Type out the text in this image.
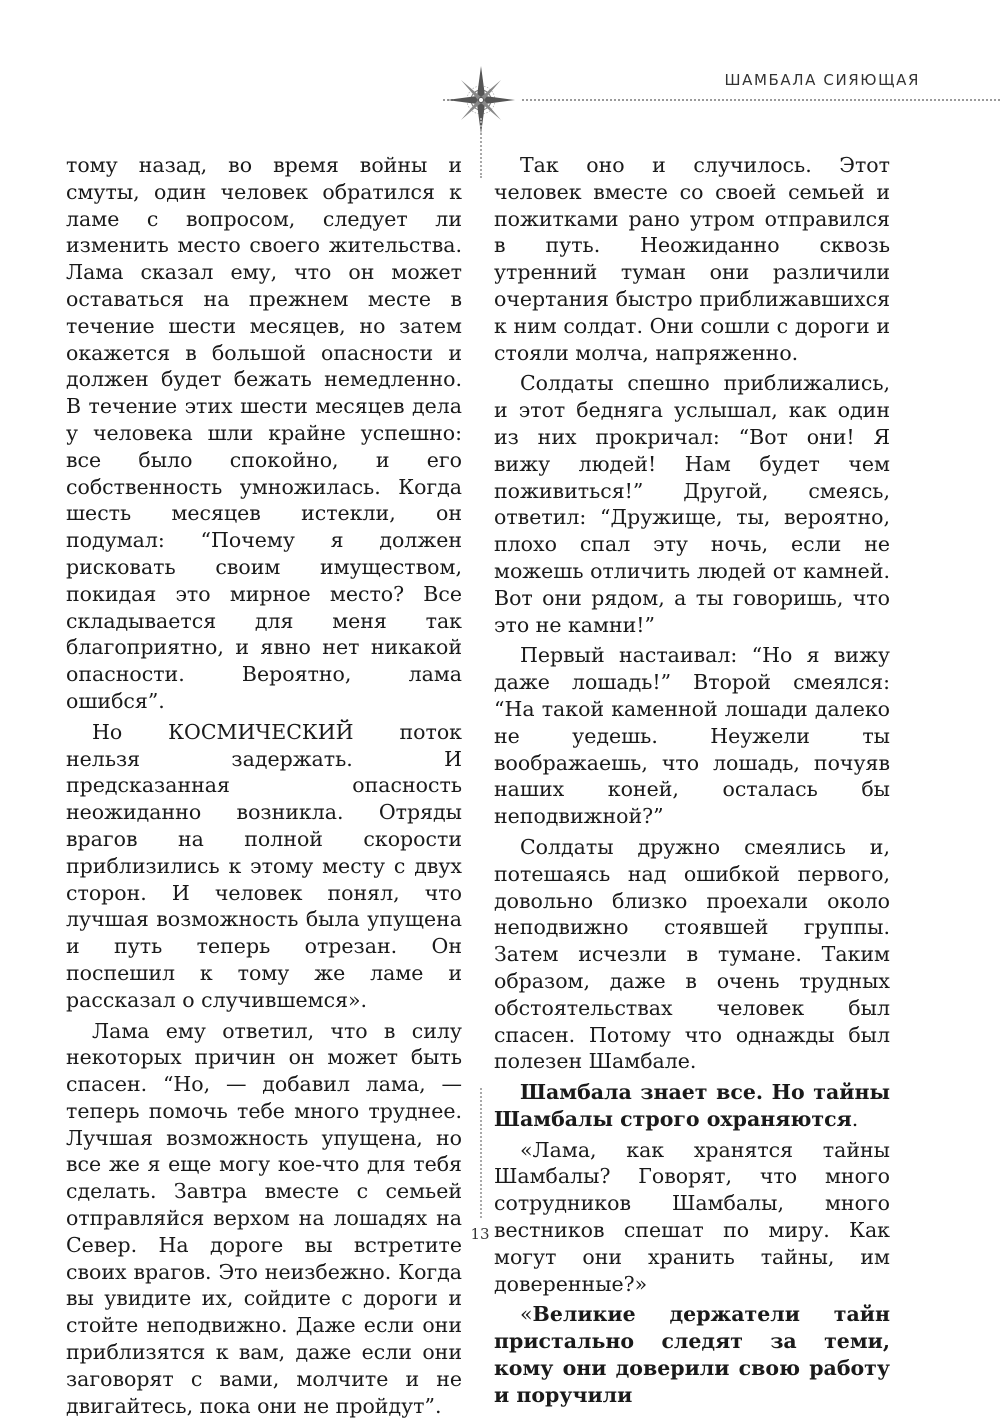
ШАМБАЛА СИЯЮЩАЯ

тому назад, во время войны и смуты, один человек обратился к ламе с вопросом, следует ли изменить место своего жительства. Лама сказал ему, что он может оставаться на прежнем месте в течение шести месяцев, но затем окажется в большой опасности и должен будет бежать немедленно. В течение этих шести месяцев дела у человека шли крайне успешно: все было спокойно, и его собственность умножилась. Когда шесть месяцев истекли, он подумал: “Почему я должен рисковать своим имуществом, покидая это мирное место? Все складывается для меня так благоприятно, и явно нет никакой опасности. Вероятно, лама ошибся”.

Но КОСМИЧЕСКИЙ поток нельзя задержать. И предсказанная опасность неожиданно возникла. Отряды врагов на полной скорости приблизились к этому месту с двух сторон. И человек понял, что лучшая возможность была упущена и путь теперь отрезан. Он поспешил к тому же ламе и рассказал о случившемся».

Лама ему ответил, что в силу некоторых причин он может быть спасен. “Но, — добавил лама, — теперь помочь тебе много труднее. Лучшая возможность упущена, но все же я еще могу кое-что для тебя сделать. Завтра вместе с семьей отправляйся верхом на лошадях на Север. На дороге вы встретите своих врагов. Это неизбежно. Когда вы увидите их, сойдите с дороги и стойте неподвижно. Даже если они приблизятся к вам, даже если они заговорят с вами, молчите и не двигайтесь, пока они не пройдут”.

Так оно и случилось. Этот человек вместе со своей семьей и пожитками рано утром отправился в путь. Неожиданно сквозь утренний туман они различили очертания быстро приближавшихся к ним солдат. Они сошли с дороги и стояли молча, напряженно.

Солдаты спешно приближались, и этот бедняга услышал, как один из них прокричал: “Вот они! Я вижу людей! Нам будет чем поживиться!” Другой, смеясь, ответил: “Дружище, ты, вероятно, плохо спал эту ночь, если не можешь отличить людей от камней. Вот они рядом, а ты говоришь, что это не камни!”

Первый настаивал: “Но я вижу даже лошадь!” Второй смеялся: “На такой каменной лошади далеко не уедешь. Неужели ты воображаешь, что лошадь, почуяв наших коней, осталась бы неподвижной?”

Солдаты дружно смеялись и, потешаясь над ошибкой первого, довольно близко проехали около неподвижно стоявшей группы. Затем исчезли в тумане. Таким образом, даже в очень трудных обстоятельствах человек был спасен. Потому что однажды был полезен Шамбале.

Шамбала знает все. Но тайны Шамбалы строго охраняются.

«Лама, как хранятся тайны Шамбалы? Говорят, что много сотрудников Шамбалы, много вестников спешат по миру. Как могут они хранить тайны, им доверенные?»

«Великие держатели тайн пристально следят за теми, кому они доверили свою работу и поручили

13
